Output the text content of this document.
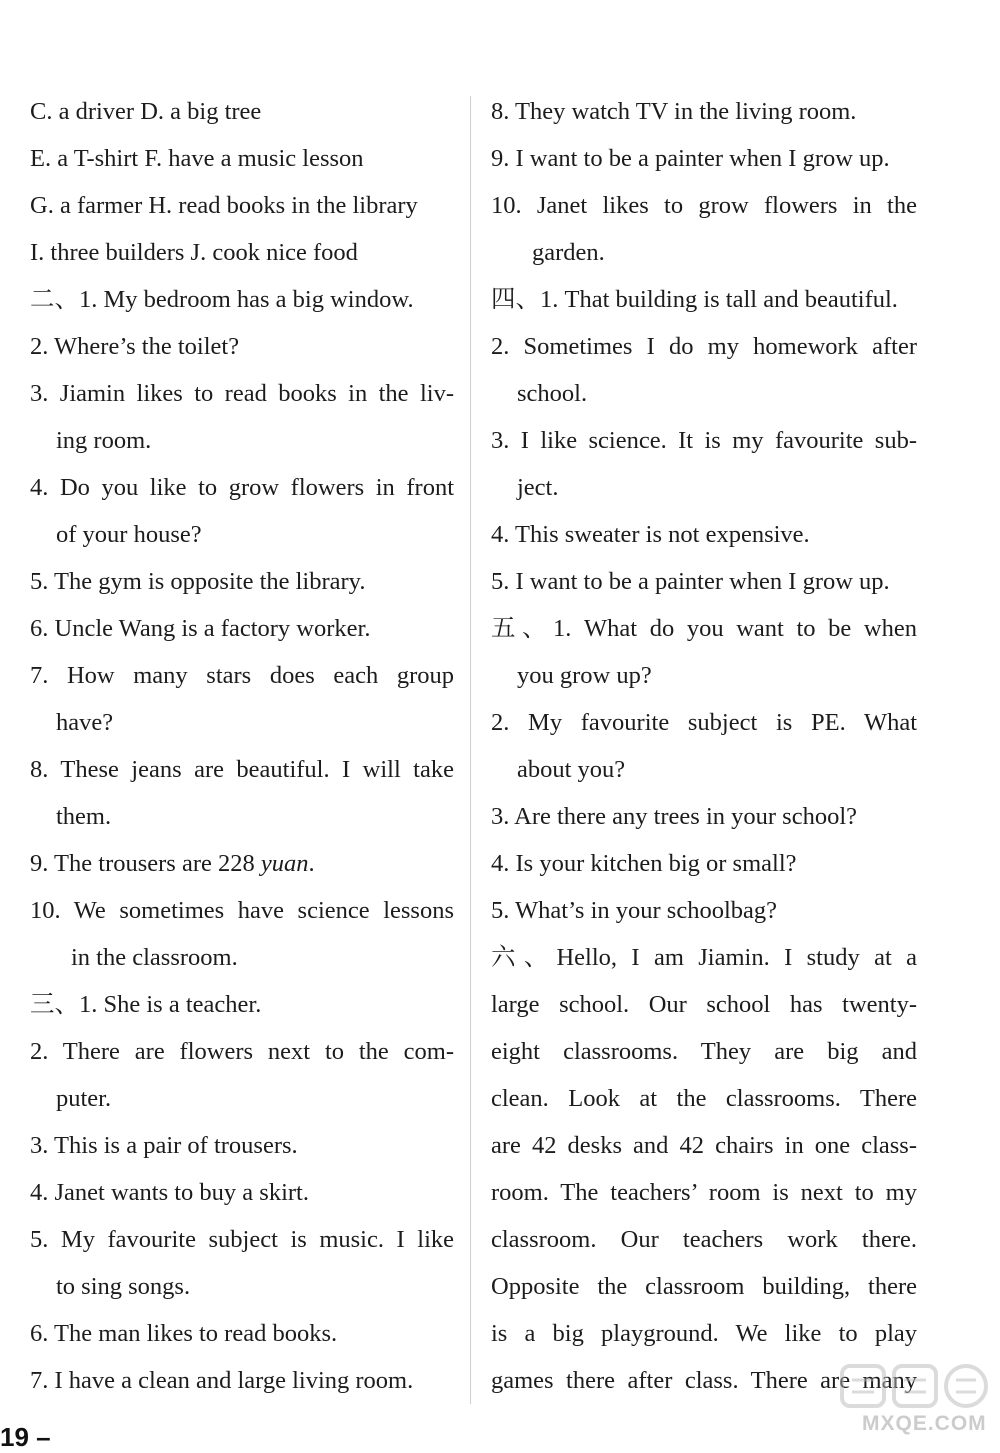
C. a driver D. a big tree
E. a T-shirt F. have a music lesson
G. a farmer H. read books in the library
I. three builders J. cook nice food
二、1. My bedroom has a big window.
2. Where’s the toilet?
3. Jiamin likes to read books in the liv-
ing room.
4. Do you like to grow flowers in front
of your house?
5. The gym is opposite the library.
6. Uncle Wang is a factory worker.
7. How many stars does each group
have?
8. These jeans are beautiful. I will take
them.
9. The trousers are 228 yuan.
10. We sometimes have science lessons
in the classroom.
三、1. She is a teacher.
2. There are flowers next to the com-
puter.
3. This is a pair of trousers.
4. Janet wants to buy a skirt.
5. My favourite subject is music. I like
to sing songs.
6. The man likes to read books.
7. I have a clean and large living room.
8. They watch TV in the living room.
9. I want to be a painter when I grow up.
10. Janet likes to grow flowers in the
garden.
四、1. That building is tall and beautiful.
2. Sometimes I do my homework after
school.
3. I like science. It is my favourite sub-
ject.
4. This sweater is not expensive.
5. I want to be a painter when I grow up.
五、1. What do you want to be when
you grow up?
2. My favourite subject is PE. What
about you?
3. Are there any trees in your school?
4. Is your kitchen big or small?
5. What’s in your schoolbag?
六、Hello, I am Jiamin. I study at a
large school. Our school has twenty-
eight classrooms. They are big and
clean. Look at the classrooms. There
are 42 desks and 42 chairs in one class-
room. The teachers’ room is next to my
classroom. Our teachers work there.
Opposite the classroom building, there
is a big playground. We like to play
games there after class. There are many
19 –	MXQE.COM
